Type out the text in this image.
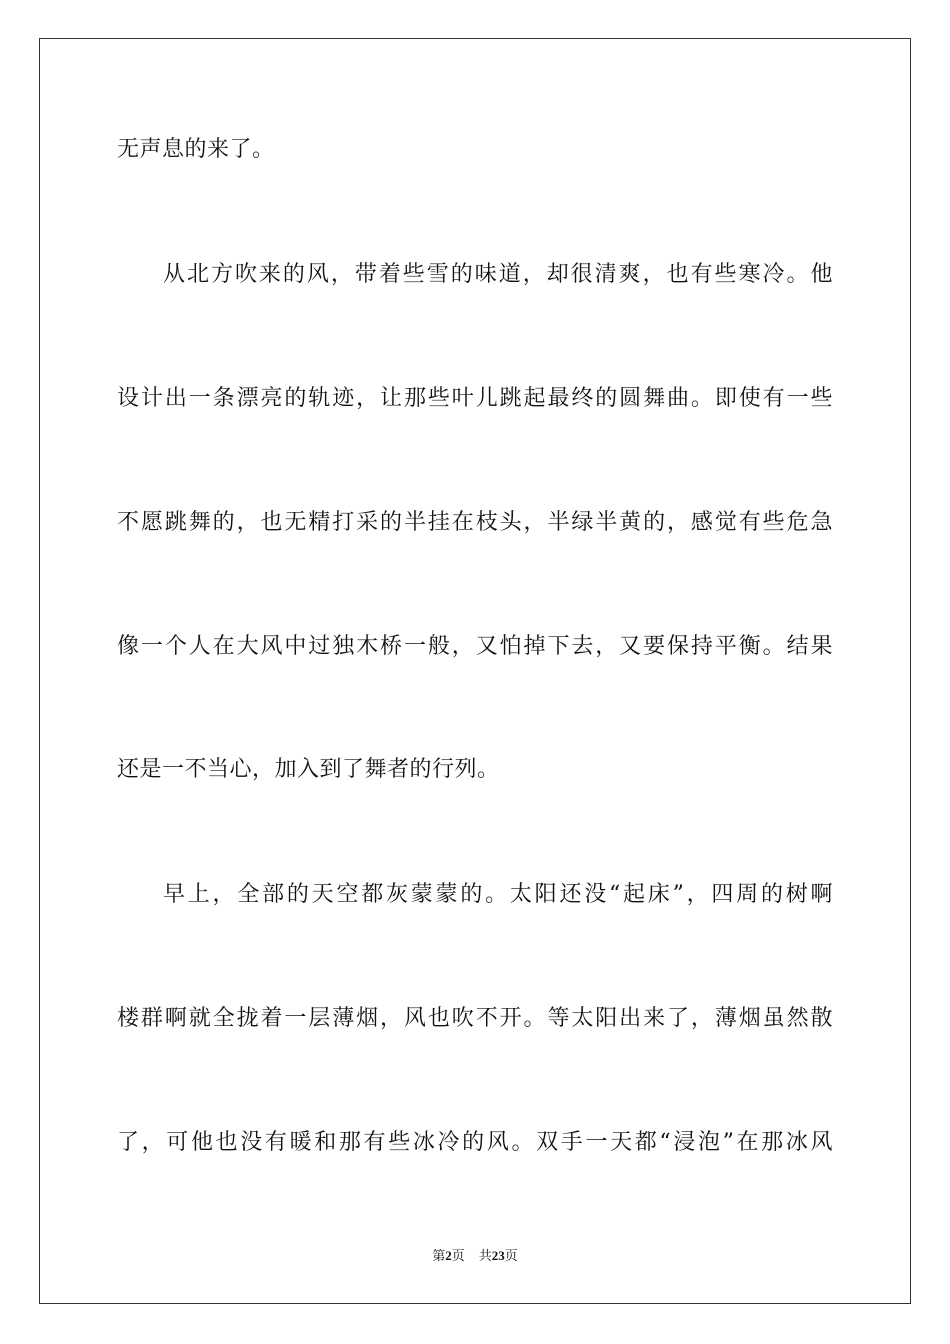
无声息的来了。
从北方吹来的风，带着些雪的味道，却很清爽，也有些寒冷。他
设计出一条漂亮的轨迹，让那些叶儿跳起最终的圆舞曲。即使有一些
不愿跳舞的，也无精打采的半挂在枝头，半绿半黄的，感觉有些危急
像一个人在大风中过独木桥一般，又怕掉下去，又要保持平衡。结果
还是一不当心，加入到了舞者的行列。
早上，全部的天空都灰蒙蒙的。太阳还没“起床”，四周的树啊
楼群啊就全拢着一层薄烟，风也吹不开。等太阳出来了，薄烟虽然散
了，可他也没有暖和那有些冰冷的风。双手一天都“浸泡”在那冰风
第2页 共23页
